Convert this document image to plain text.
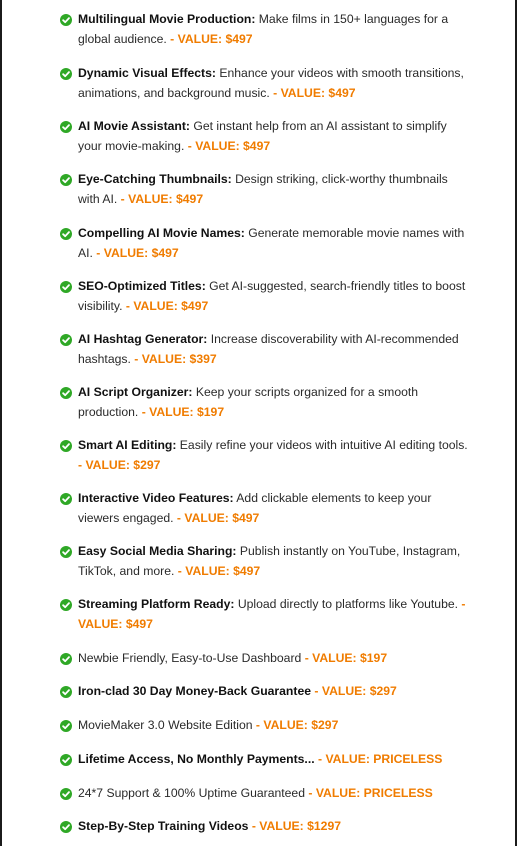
Multilingual Movie Production: Make films in 150+ languages for a global audience. - VALUE: $497
Dynamic Visual Effects: Enhance your videos with smooth transitions, animations, and background music. - VALUE: $497
AI Movie Assistant: Get instant help from an AI assistant to simplify your movie-making. - VALUE: $497
Eye-Catching Thumbnails: Design striking, click-worthy thumbnails with AI. - VALUE: $497
Compelling AI Movie Names: Generate memorable movie names with AI. - VALUE: $497
SEO-Optimized Titles: Get AI-suggested, search-friendly titles to boost visibility. - VALUE: $497
AI Hashtag Generator: Increase discoverability with AI-recommended hashtags. - VALUE: $397
AI Script Organizer: Keep your scripts organized for a smooth production. - VALUE: $197
Smart AI Editing: Easily refine your videos with intuitive AI editing tools. - VALUE: $297
Interactive Video Features: Add clickable elements to keep your viewers engaged. - VALUE: $497
Easy Social Media Sharing: Publish instantly on YouTube, Instagram, TikTok, and more. - VALUE: $497
Streaming Platform Ready: Upload directly to platforms like Youtube. - VALUE: $497
Newbie Friendly, Easy-to-Use Dashboard - VALUE: $197
Iron-clad 30 Day Money-Back Guarantee - VALUE: $297
MovieMaker 3.0 Website Edition - VALUE: $297
Lifetime Access, No Monthly Payments... - VALUE: PRICELESS
24*7 Support & 100% Uptime Guaranteed - VALUE: PRICELESS
Step-By-Step Training Videos - VALUE: $1297
